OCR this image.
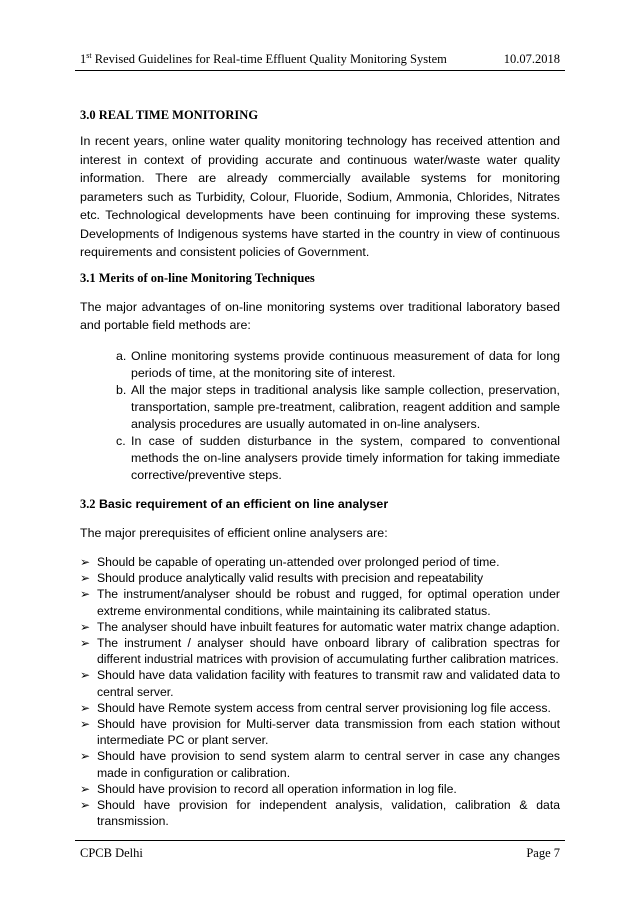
1st Revised Guidelines for Real-time Effluent Quality Monitoring System	10.07.2018
3.0 REAL TIME MONITORING

In recent years, online water quality monitoring technology has received attention and interest in context of providing accurate and continuous water/waste water quality information. There are already commercially available systems for monitoring parameters such as Turbidity, Colour, Fluoride, Sodium, Ammonia, Chlorides, Nitrates etc. Technological developments have been continuing for improving these systems. Developments of Indigenous systems have started in the country in view of continuous requirements and consistent policies of Government.

3.1 Merits of on-line Monitoring Techniques

The major advantages of on-line monitoring systems over traditional laboratory based and portable field methods are:

a. Online monitoring systems provide continuous measurement of data for long periods of time, at the monitoring site of interest.
b. All the major steps in traditional analysis like sample collection, preservation, transportation, sample pre-treatment, calibration, reagent addition and sample analysis procedures are usually automated in on-line analysers.
c. In case of sudden disturbance in the system, compared to conventional methods the on-line analysers provide timely information for taking immediate corrective/preventive steps.
3.2 Basic requirement of an efficient on line analyser

The major prerequisites of efficient online analysers are:

➢ Should be capable of operating un-attended over prolonged period of time.
➢ Should produce analytically valid results with precision and repeatability
➢ The instrument/analyser should be robust and rugged, for optimal operation under extreme environmental conditions, while maintaining its calibrated status.
➢ The analyser should have inbuilt features for automatic water matrix change adaption.
➢ The instrument / analyser should have onboard library of calibration spectras for different industrial matrices with provision of accumulating further calibration matrices.
➢ Should have data validation facility with features to transmit raw and validated data to central server.
➢ Should have Remote system access from central server provisioning log file access.
➢ Should have provision for Multi-server data transmission from each station without intermediate PC or plant server.
➢ Should have provision to send system alarm to central server in case any changes made in configuration or calibration.
➢ Should have provision to record all operation information in log file.
➢ Should have provision for independent analysis, validation, calibration & data transmission.
CPCB Delhi	Page 7
